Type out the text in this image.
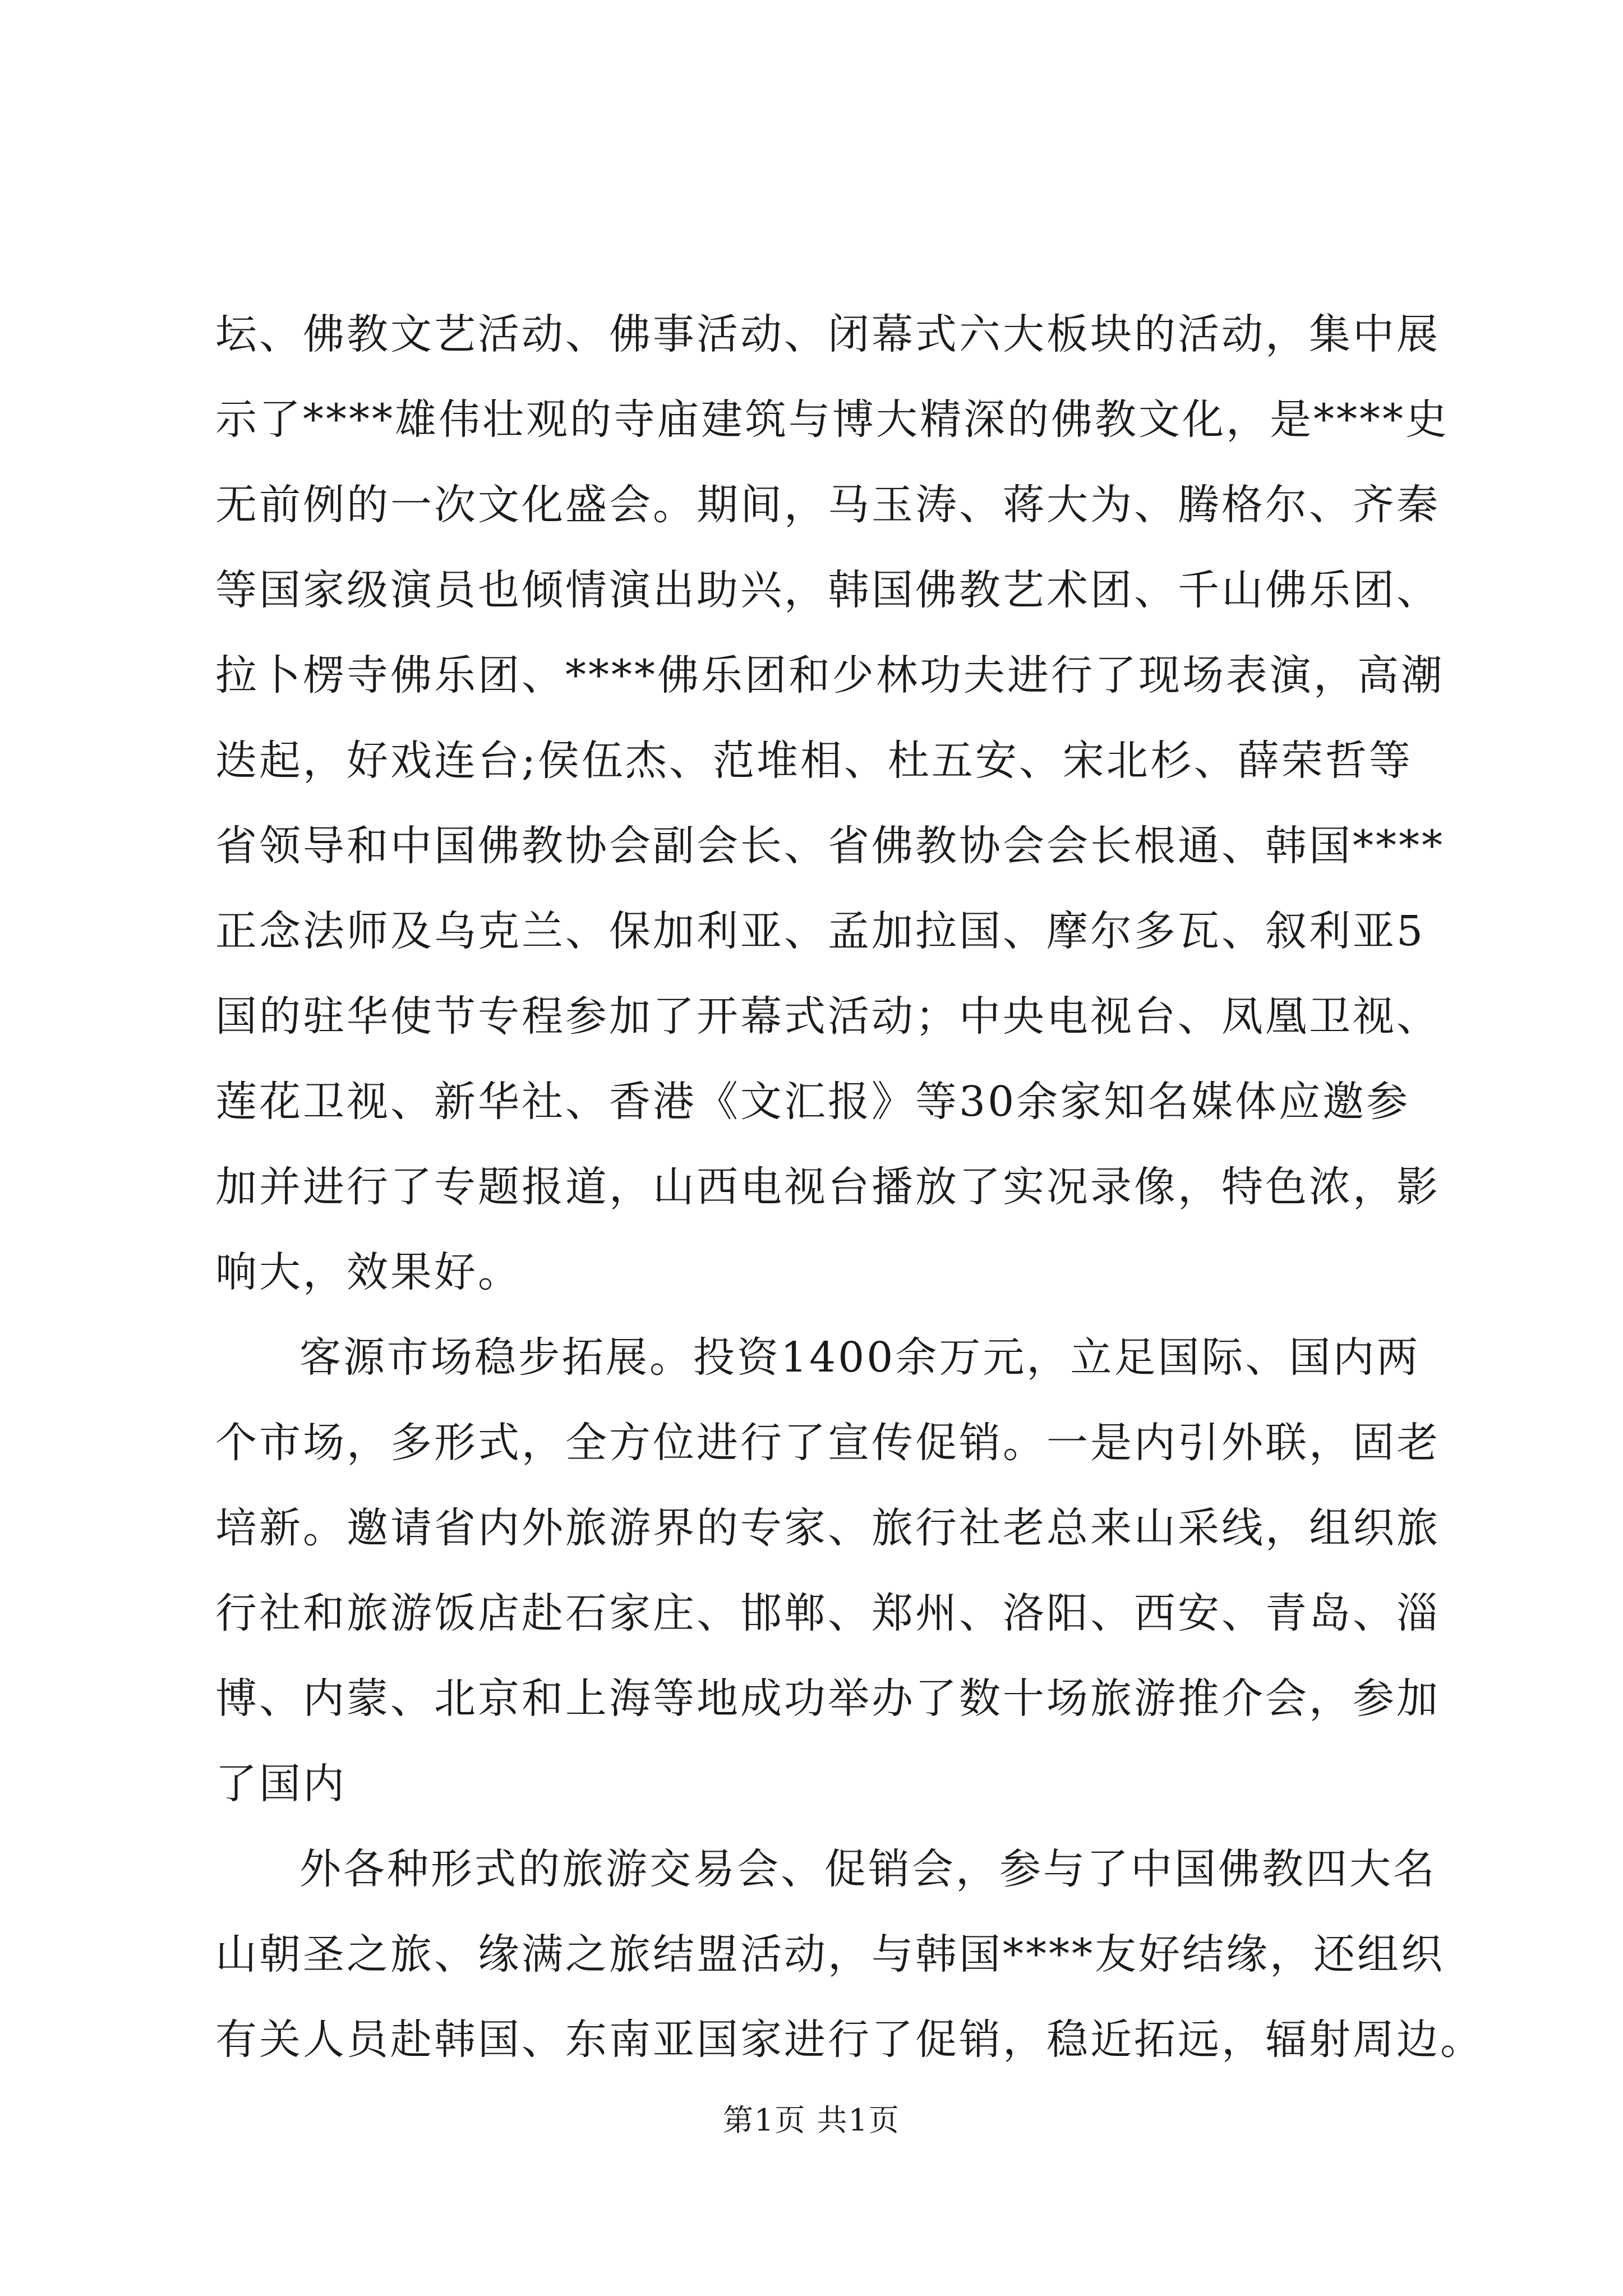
坛、佛教文艺活动、佛事活动、闭幕式六大板块的活动，集中展
示了****雄伟壮观的寺庙建筑与博大精深的佛教文化，是****史
无前例的一次文化盛会。期间，马玉涛、蒋大为、腾格尔、齐秦
等国家级演员也倾情演出助兴，韩国佛教艺术团、千山佛乐团、
拉卜楞寺佛乐团、****佛乐团和少林功夫进行了现场表演，高潮
迭起，好戏连台;侯伍杰、范堆相、杜五安、宋北杉、薛荣哲等
省领导和中国佛教协会副会长、省佛教协会会长根通、韩国****
正念法师及乌克兰、保加利亚、孟加拉国、摩尔多瓦、叙利亚5
国的驻华使节专程参加了开幕式活动；中央电视台、凤凰卫视、
莲花卫视、新华社、香港《文汇报》等30余家知名媒体应邀参
加并进行了专题报道，山西电视台播放了实况录像，特色浓，影
响大，效果好。
客源市场稳步拓展。投资1400余万元，立足国际、国内两
个市场，多形式，全方位进行了宣传促销。一是内引外联，固老
培新。邀请省内外旅游界的专家、旅行社老总来山采线，组织旅
行社和旅游饭店赴石家庄、邯郸、郑州、洛阳、西安、青岛、淄
博、内蒙、北京和上海等地成功举办了数十场旅游推介会，参加
了国内
外各种形式的旅游交易会、促销会，参与了中国佛教四大名
山朝圣之旅、缘满之旅结盟活动，与韩国****友好结缘，还组织
有关人员赴韩国、东南亚国家进行了促销，稳近拓远，辐射周边。
第1页 共1页
